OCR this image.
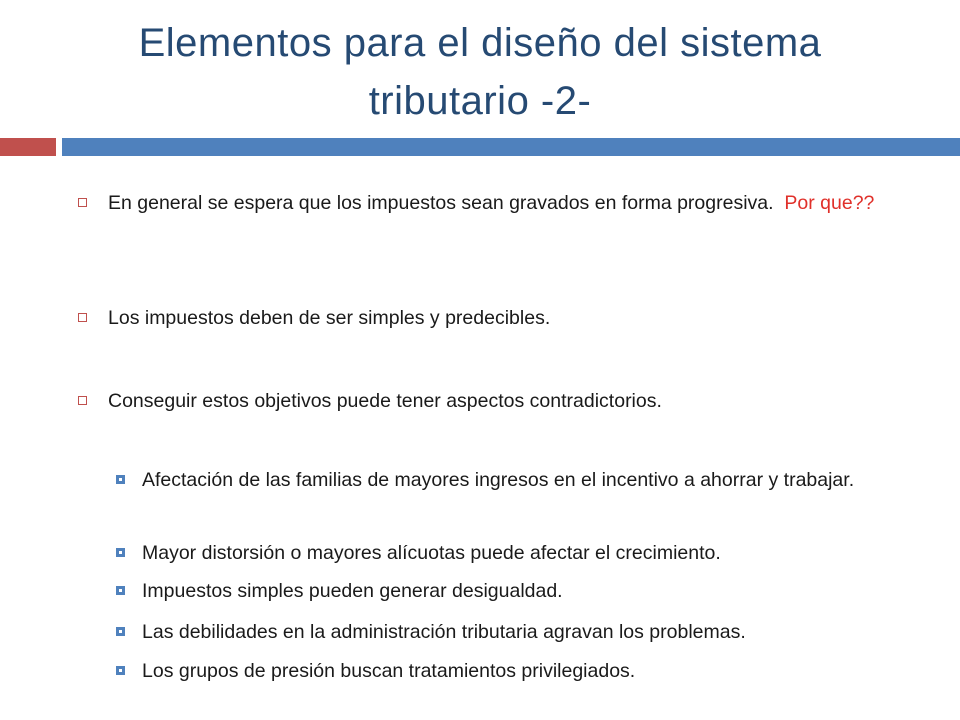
Elementos para el diseño del sistema
tributario -2-
En general se espera que los impuestos sean gravados en forma progresiva. Por que??
Los impuestos deben de ser simples y predecibles.
Conseguir estos objetivos puede tener aspectos contradictorios.
Afectación de las familias de mayores ingresos en el incentivo a ahorrar y trabajar.
Mayor distorsión o mayores alícuotas puede afectar el crecimiento.
Impuestos simples pueden generar desigualdad.
Las debilidades en la administración tributaria agravan los problemas.
Los grupos de presión buscan tratamientos privilegiados.
